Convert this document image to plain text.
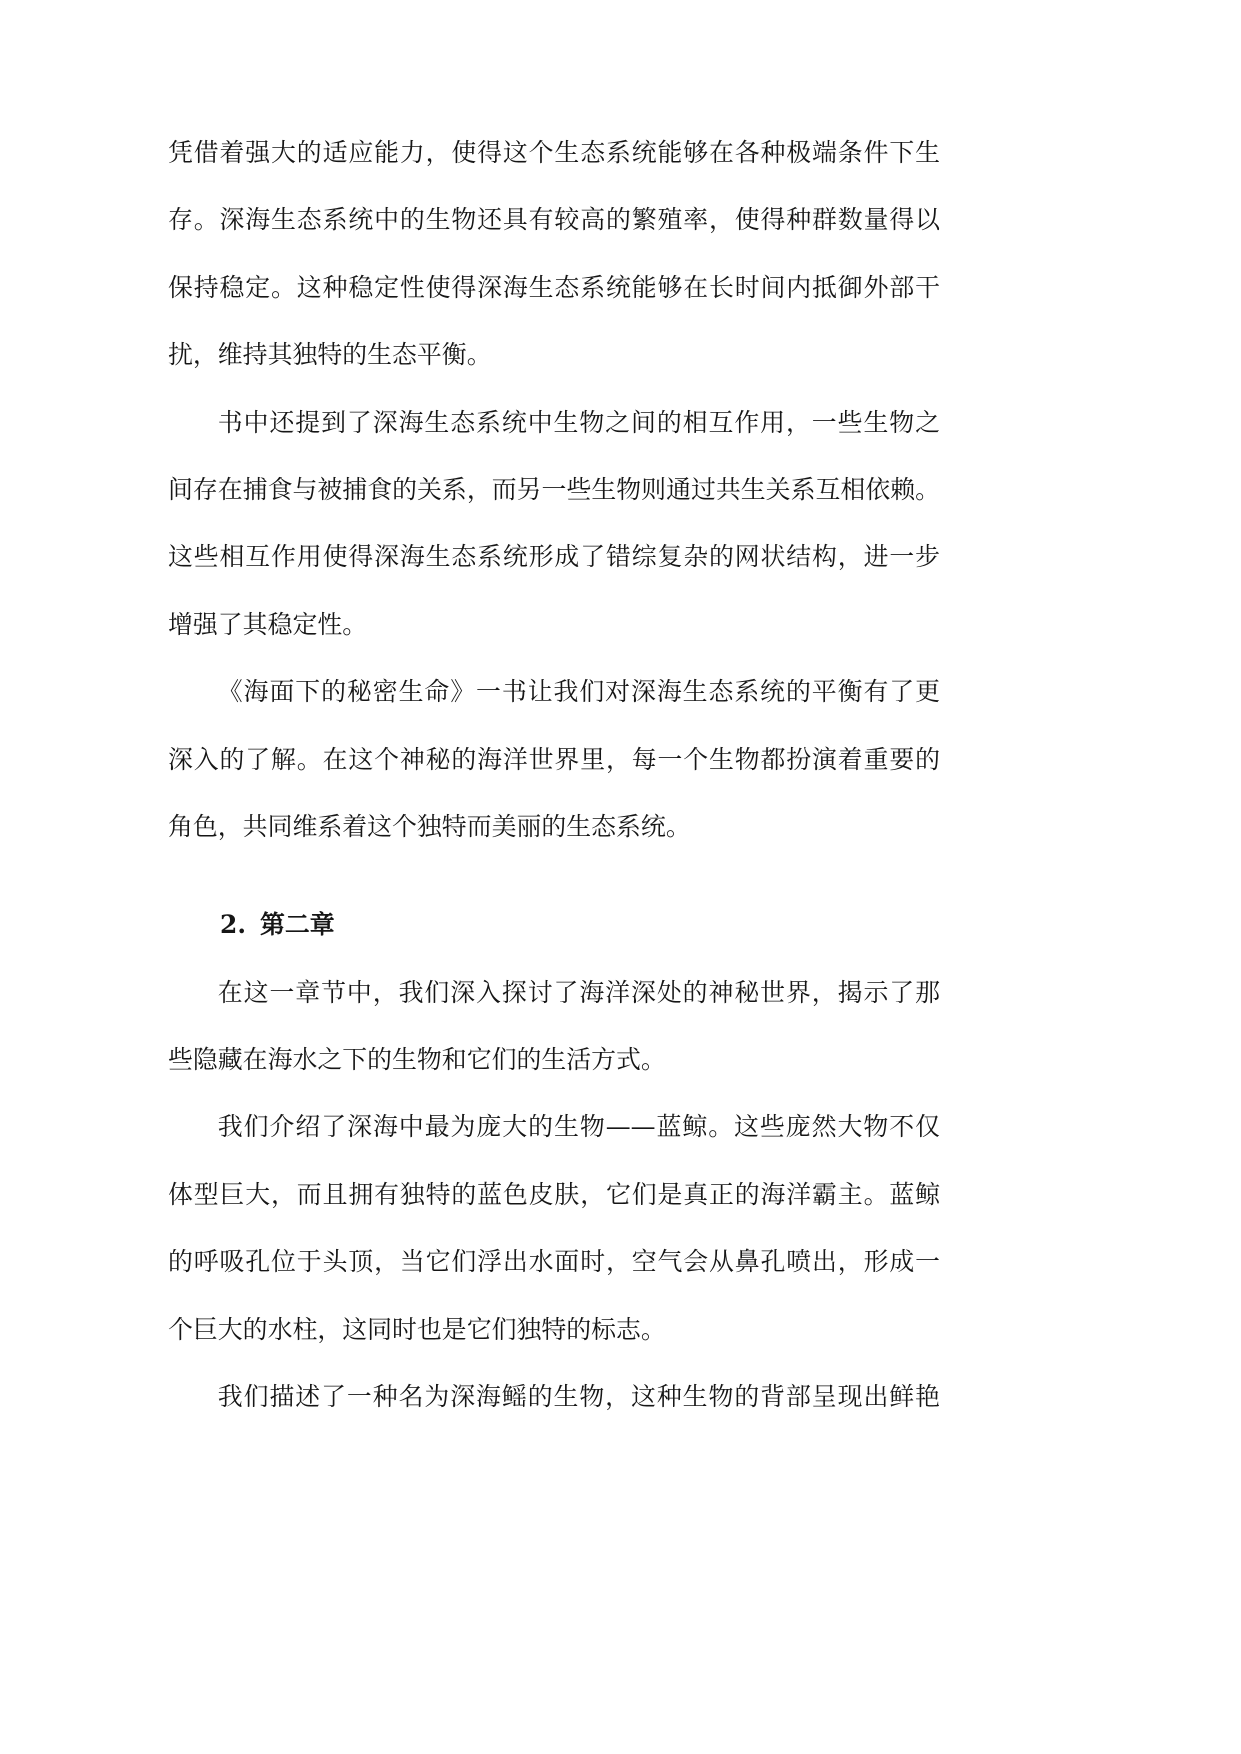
凭借着强大的适应能力，使得这个生态系统能够在各种极端条件下生
存。深海生态系统中的生物还具有较高的繁殖率，使得种群数量得以
保持稳定。这种稳定性使得深海生态系统能够在长时间内抵御外部干
扰，维持其独特的生态平衡。
书中还提到了深海生态系统中生物之间的相互作用，一些生物之
间存在捕食与被捕食的关系，而另一些生物则通过共生关系互相依赖。
这些相互作用使得深海生态系统形成了错综复杂的网状结构，进一步
增强了其稳定性。
《海面下的秘密生命》一书让我们对深海生态系统的平衡有了更
深入的了解。在这个神秘的海洋世界里，每一个生物都扮演着重要的
角色，共同维系着这个独特而美丽的生态系统。
2. 第二章
在这一章节中，我们深入探讨了海洋深处的神秘世界，揭示了那
些隐藏在海水之下的生物和它们的生活方式。
我们介绍了深海中最为庞大的生物——蓝鲸。这些庞然大物不仅
体型巨大，而且拥有独特的蓝色皮肤，它们是真正的海洋霸主。蓝鲸
的呼吸孔位于头顶，当它们浮出水面时，空气会从鼻孔喷出，形成一
个巨大的水柱，这同时也是它们独特的标志。
我们描述了一种名为深海鳐的生物，这种生物的背部呈现出鲜艳
